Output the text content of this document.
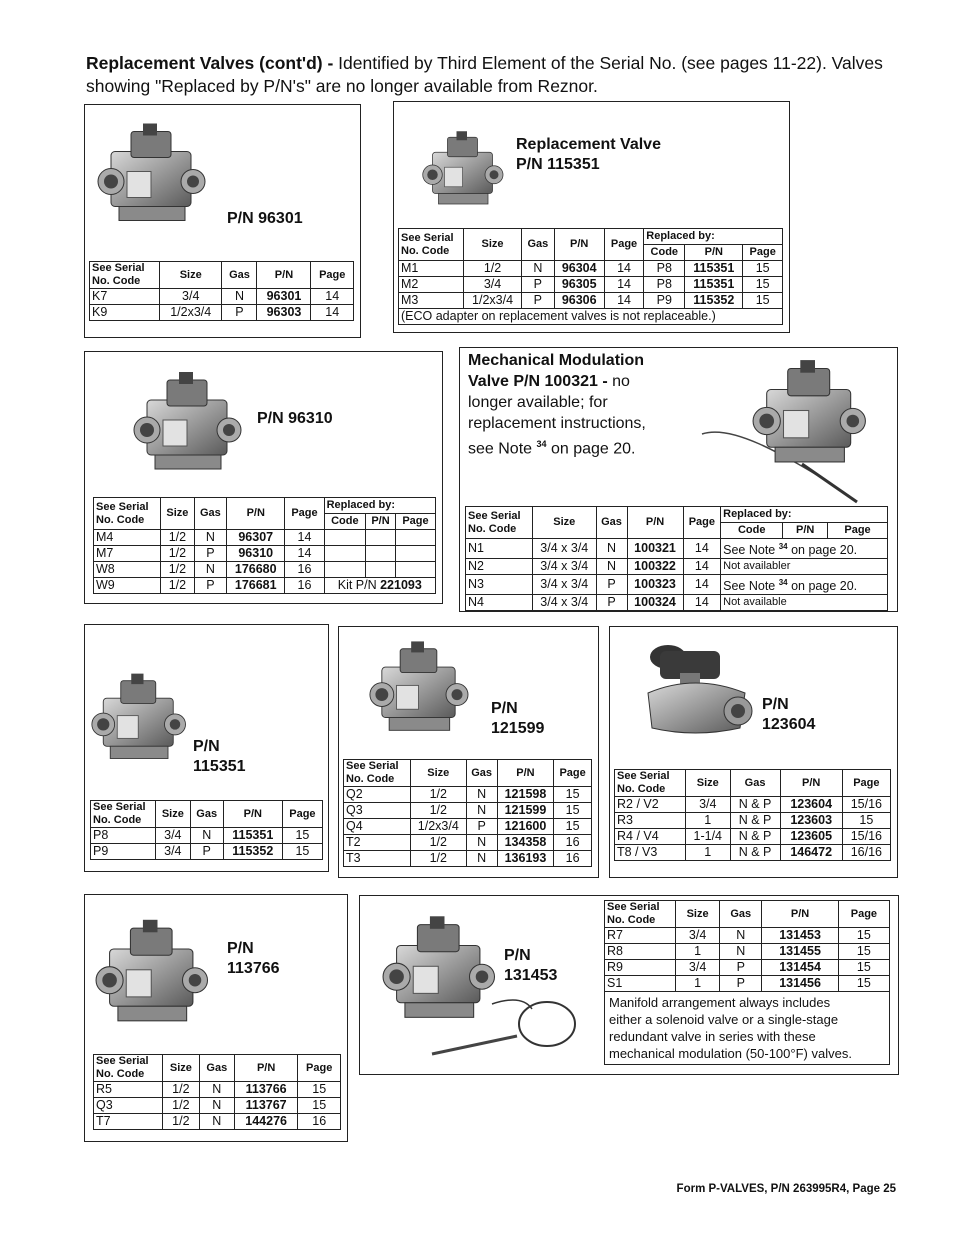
Replacement Valves (cont'd) - Identified by Third Element of the Serial No. (see pages 11-22). Valves showing "Replaced by P/N's" are no longer available from Reznor.
P/N 96301
See Serial No. Code	Size	Gas	P/N	Page
K7	3/4	N	96301	14
K9	1/2x3/4	P	96303	14
Replacement Valve
P/N 115351
See Serial No. Code	Size	Gas	P/N	Page	Replaced by:		
					Code	P/N	Page
M1	1/2	N	96304	14	P8	115351	15
M2	3/4	P	96305	14	P8	115351	15
M3	1/2x3/4	P	96306	14	P9	115352	15
(ECO adapter on replacement valves is not replaceable.)							
P/N 96310
See Serial No. Code	Size	Gas	P/N	Page	Replaced by:		
					Code	P/N	Page
M4	1/2	N	96307	14			
M7	1/2	P	96310	14			
W8	1/2	N	176680	16			
W9	1/2	P	176681	16	Kit P/N 221093		
Mechanical Modulation
Valve P/N 100321 - no
longer available; for
replacement instructions,
see Note $^{34}$ on page 20.
See Serial No. Code	Size	Gas	P/N	Page	Replaced by:		
					Code	P/N	Page
N1	3/4 x 3/4	N	100321	14	See Note $^{34}$ on page 20.		
N2	3/4 x 3/4	N	100322	14	Not availabler		
N3	3/4 x 3/4	P	100323	14	See Note $^{34}$ on page 20.		
N4	3/4 x 3/4	P	100324	14	Not available		
P/N
115351
See Serial No. Code	Size	Gas	P/N	Page
P8	3/4	N	115351	15
P9	3/4	P	115352	15
P/N
121599
See Serial No. Code	Size	Gas	P/N	Page
Q2	1/2	N	121598	15
Q3	1/2	N	121599	15
Q4	1/2x3/4	P	121600	15
T2	1/2	N	134358	16
T3	1/2	N	136193	16
P/N
123604
See Serial No. Code	Size	Gas	P/N	Page
R2 / V2	3/4	N & P	123604	15/16
R3	1	N & P	123603	15
R4 / V4	1-1/4	N & P	123605	15/16
T8 / V3	1	N & P	146472	16/16
P/N
113766
See Serial No. Code	Size	Gas	P/N	Page
R5	1/2	N	113766	15
Q3	1/2	N	113767	15
T7	1/2	N	144276	16
P/N
131453
See Serial No. Code	Size	Gas	P/N	Page
R7	3/4	N	131453	15
R8	1	N	131455	15
R9	3/4	P	131454	15
S1	1	P	131456	15

Manifold arrangement always includes
either a solenoid valve or a single-stage
redundant valve in series with these
mechanical modulation (50-100°F) valves.				
Form P-VALVES, P/N 263995R4, Page 25
